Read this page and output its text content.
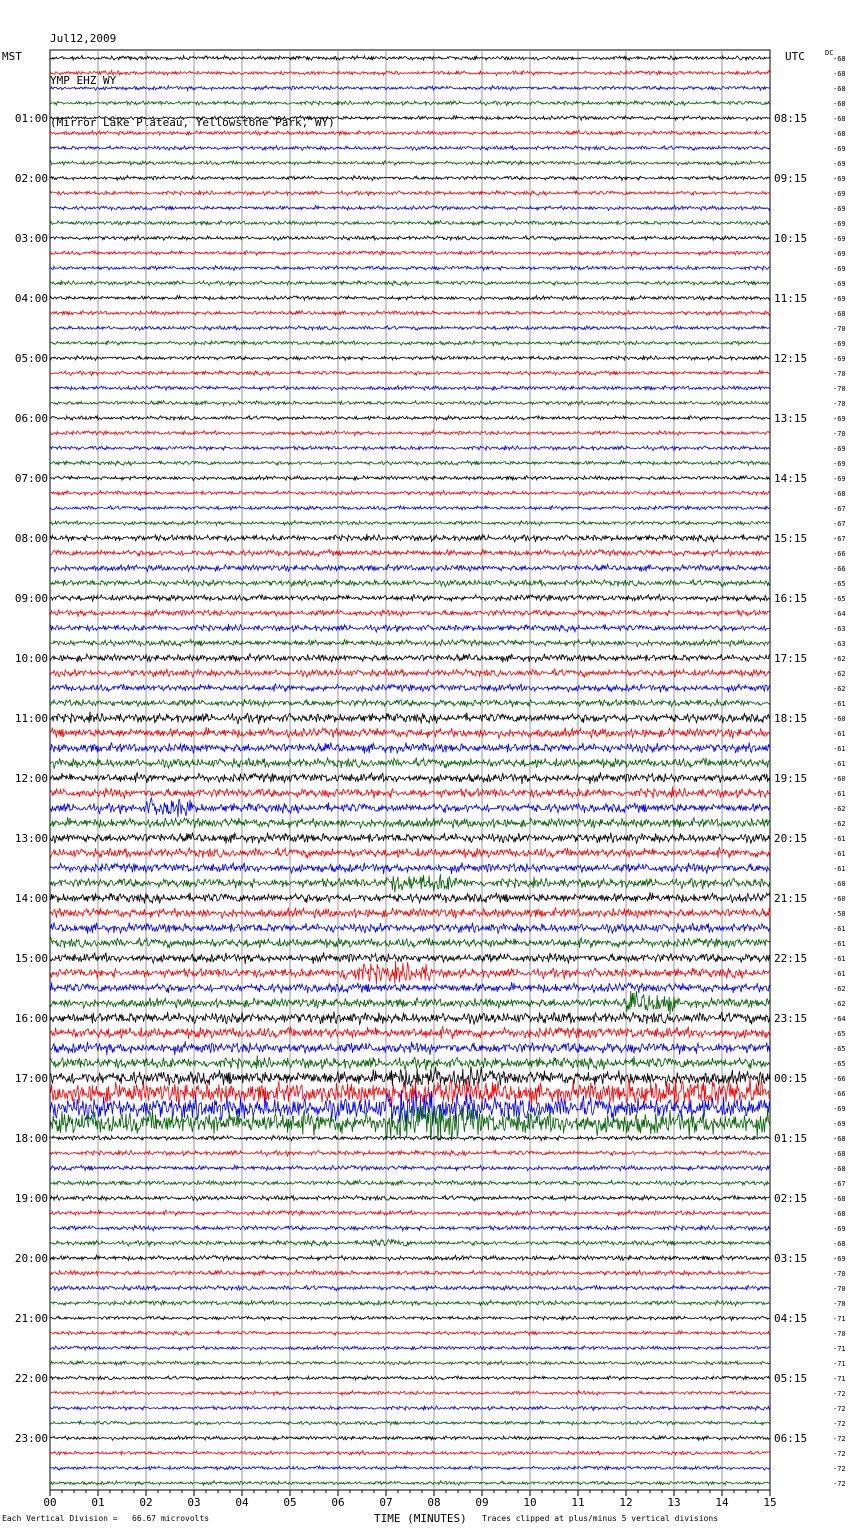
Jul12,2009

YMP EHZ WY

(Mirror Lake Plateau, Yellowstone Park, WY)

MST	UTC	DC
00	01	02	03	04	05	06	07	08	09	10	11	12	13	14	15
-68
-68
-68
-68
-68
-68
-69
-69
-69
-69
-69
-69
-69
-69
-69
-69
-69
-68
-70
-69
-69
-70
-70
-70
-69
-70
-69
-69
-69
-68
-67
-67
-67
-66
-66
-65
-65
-64
-63
-63
-62
-62
-62
-61
-60
-61
-61
-61
-60
-61
-62
-62
-61
-61
-61
-60
-60
-58
-61
-61
-61
-61
-62
-62
-64
-65
-65
-65
-66
-66
-69
-69
-68
-68
-68
-67
-68
-68
-69
-68
-69
-70
-70
-70
-71
-70
-71
-71
-71
-72
-72
-72
-72
-72
-72
-72
01:00
02:00
03:00
04:00
05:00
06:00
07:00
08:00
09:00
10:00
11:00
12:00
13:00
14:00
15:00
16:00
17:00
18:00
19:00
20:00
21:00
22:00
23:00
08:15
09:15
10:15
11:15
12:15
13:15
14:15
15:15
16:15
17:15
18:15
19:15
20:15
21:15
22:15
23:15
00:15
01:15
02:15
03:15
04:15
05:15
06:15
Each Vertical Division =   66.67 microvolts	TIME (MINUTES) Traces clipped at plus/minus 5 vertical divisions
